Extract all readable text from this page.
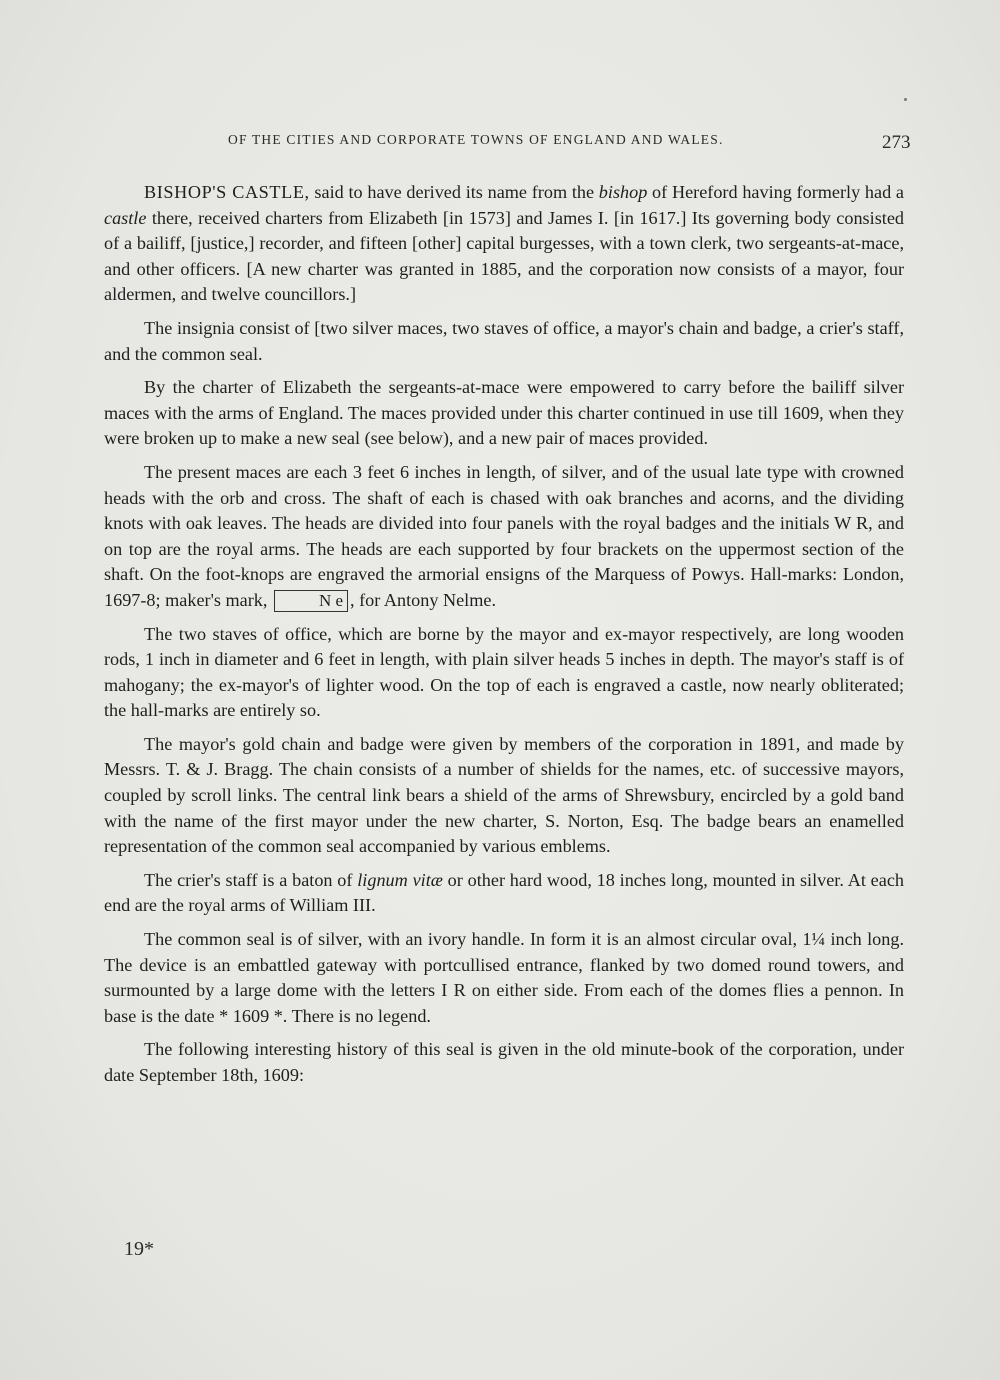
OF THE CITIES AND CORPORATE TOWNS OF ENGLAND AND WALES.	273

BISHOP'S CASTLE, said to have derived its name from the bishop of Hereford having formerly had a castle there, received charters from Elizabeth [in 1573] and James I. [in 1617.] Its governing body consisted of a bailiff, [justice,] recorder, and fifteen [other] capital burgesses, with a town clerk, two sergeants-at-mace, and other officers. [A new charter was granted in 1885, and the corporation now consists of a mayor, four aldermen, and twelve councillors.]

The insignia consist of [two silver maces, two staves of office, a mayor's chain and badge, a crier's staff, and the common seal.

By the charter of Elizabeth the sergeants-at-mace were empowered to carry before the bailiff silver maces with the arms of England. The maces provided under this charter continued in use till 1609, when they were broken up to make a new seal (see below), and a new pair of maces provided.

The present maces are each 3 feet 6 inches in length, of silver, and of the usual late type with crowned heads with the orb and cross. The shaft of each is chased with oak branches and acorns, and the dividing knots with oak leaves. The heads are divided into four panels with the royal badges and the initials W R, and on top are the royal arms. The heads are each supported by four brackets on the uppermost section of the shaft. On the foot-knops are engraved the armorial ensigns of the Marquess of Powys. Hall-marks: London, 1697-8; maker's mark,	N e , for Antony Nelme.

The two staves of office, which are borne by the mayor and ex-mayor respectively, are long wooden rods, 1 inch in diameter and 6 feet in length, with plain silver heads 5 inches in depth. The mayor's staff is of mahogany; the ex-mayor's of lighter wood. On the top of each is engraved a castle, now nearly obliterated; the hall-marks are entirely so.

The mayor's gold chain and badge were given by members of the corporation in 1891, and made by Messrs. T. & J. Bragg. The chain consists of a number of shields for the names, etc. of successive mayors, coupled by scroll links. The central link bears a shield of the arms of Shrewsbury, encircled by a gold band with the name of the first mayor under the new charter, S. Norton, Esq. The badge bears an enamelled representation of the common seal accompanied by various emblems.

The crier's staff is a baton of lignum vitæ or other hard wood, 18 inches long, mounted in silver. At each end are the royal arms of William III.

The common seal is of silver, with an ivory handle. In form it is an almost circular oval, 1¼ inch long. The device is an embattled gateway with portcullised entrance, flanked by two domed round towers, and surmounted by a large dome with the letters I R on either side. From each of the domes flies a pennon. In base is the date * 1609 *. There is no legend.

The following interesting history of this seal is given in the old minute-book of the corporation, under date September 18th, 1609:

19*
